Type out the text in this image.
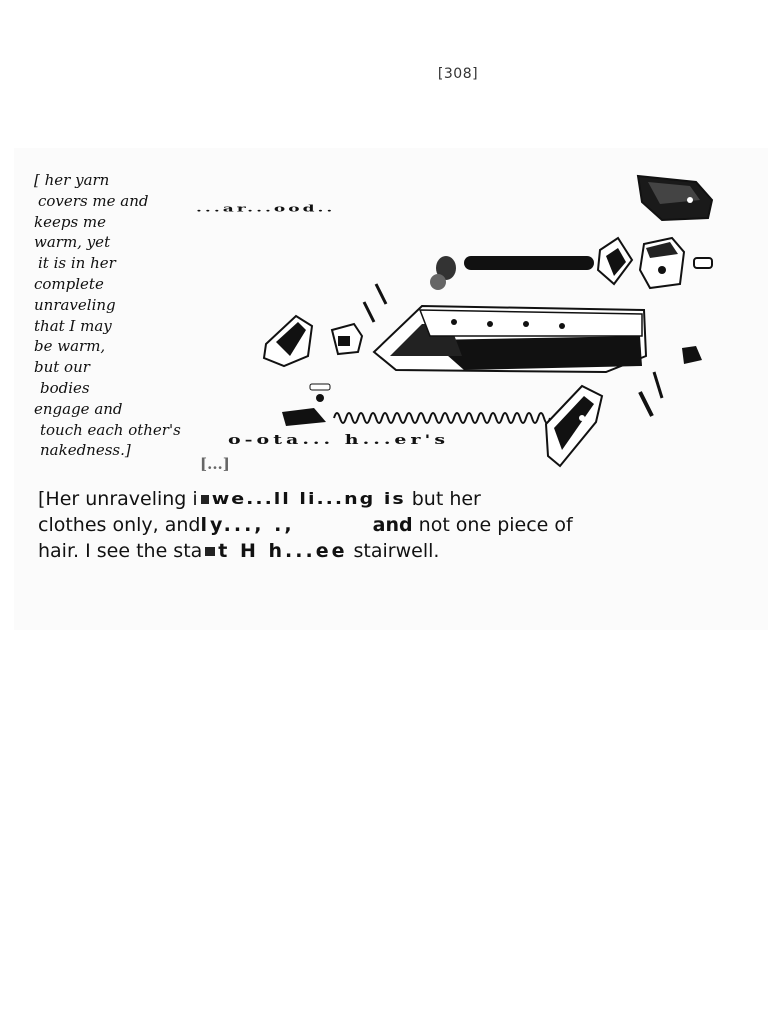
[308]
[ her yarn
covers me and
keeps me
warm, yet
it is in her
complete
unraveling
that I may
be warm,
but our
bodies
engage and
touch each other's
nakedness.]
...ar...ood..
o-ota... h...er's
[...]
[Her unraveling i we...ll li...ng is but her
clothes only, andly..., .,	and not one piece of
hair. I see the sta t H h...ee stairwell.
